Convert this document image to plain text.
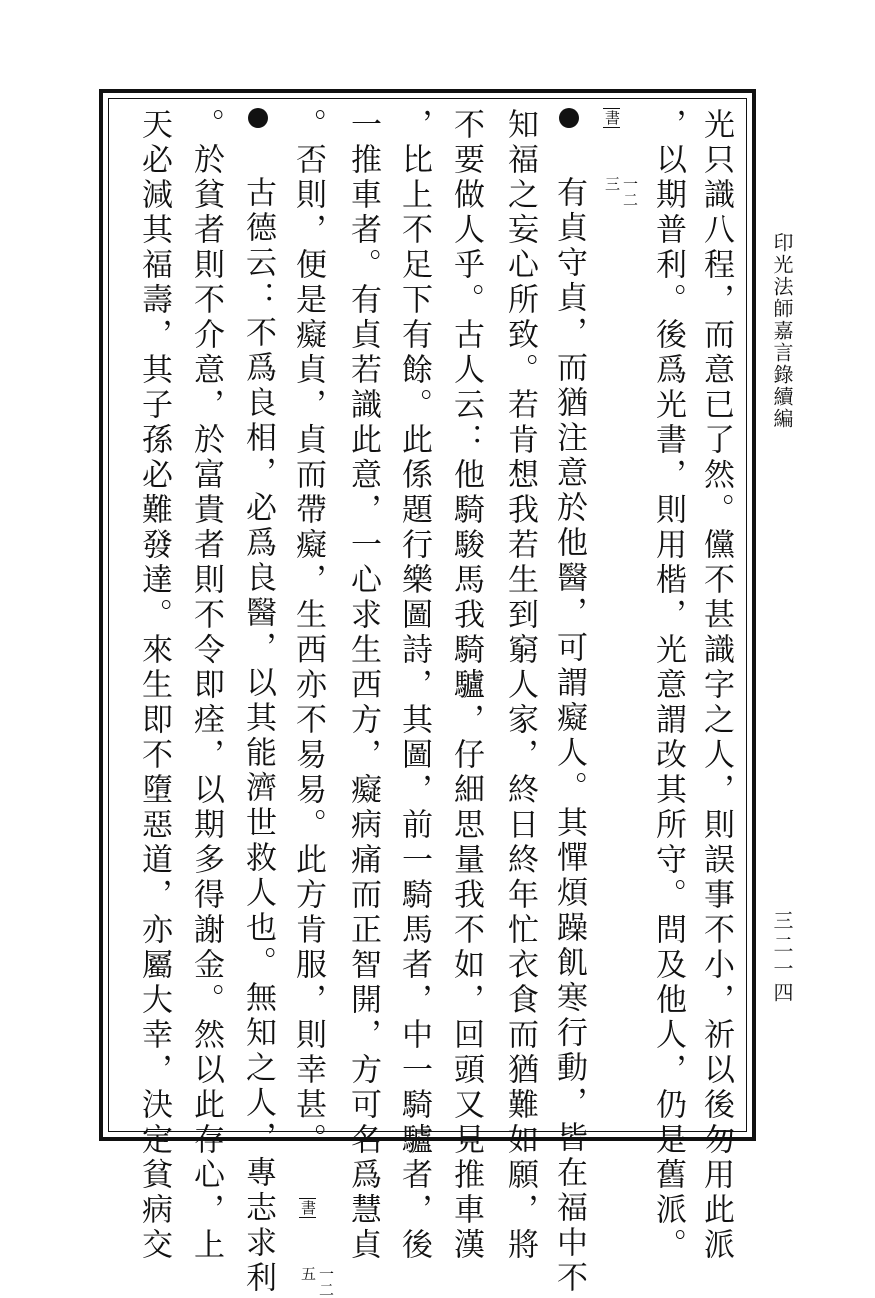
印光法師嘉言錄續編
三二一四
光只識八程，而意已了然。儻不甚識字之人，則誤事不小，祈以後勿用此派
，以期普利。後爲光書，則用楷，光意謂改其所守。問及他人，仍是舊派。
書
一二
三
有貞守貞，而猶注意於他醫，可謂癡人。其憚煩躁飢寒行動，皆在福中不
知福之妄心所致。若肯想我若生到窮人家，終日終年忙衣食而猶難如願，將
不要做人乎。古人云：他騎駿馬我騎驢，仔細思量我不如，回頭又見推車漢
，比上不足下有餘。此係題行樂圖詩，其圖，前一騎馬者，中一騎驢者，後
一推車者。有貞若識此意，一心求生西方，癡病痛而正智開，方可名爲慧貞
。否則，便是癡貞，貞而帶癡，生西亦不易易。此方肯服，則幸甚。 書
一二
五
古德云：不爲良相，必爲良醫，以其能濟世救人也。無知之人，專志求利
。於貧者則不介意，於富貴者則不令即痊，以期多得謝金。然以此存心，上
天必減其福壽，其子孫必難發達。來生即不墮惡道，亦屬大幸，決定貧病交
